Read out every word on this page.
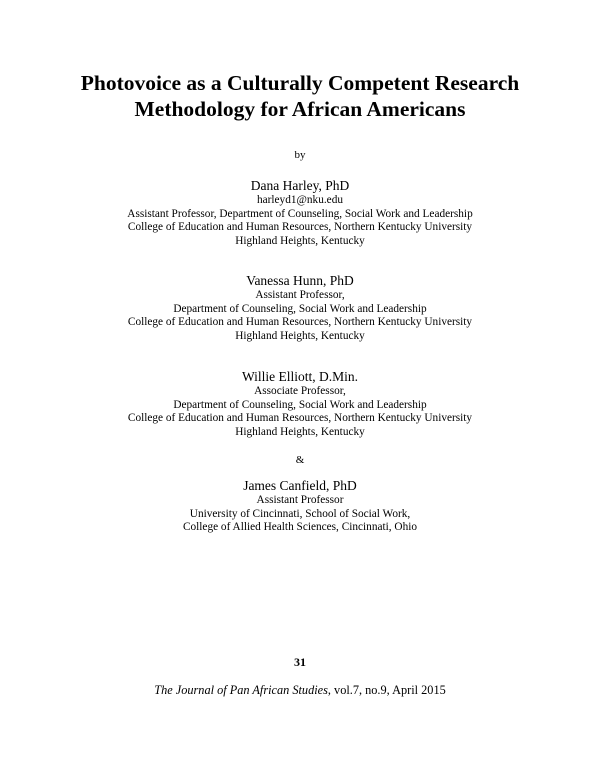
Photovoice as a Culturally Competent Research
Methodology for African Americans
by
Dana Harley, PhD
harleyd1@nku.edu
Assistant Professor, Department of Counseling, Social Work and Leadership
College of Education and Human Resources, Northern Kentucky University
Highland Heights, Kentucky
Vanessa Hunn, PhD
Assistant Professor,
Department of Counseling, Social Work and Leadership
College of Education and Human Resources, Northern Kentucky University
Highland Heights, Kentucky
Willie Elliott, D.Min.
Associate Professor,
Department of Counseling, Social Work and Leadership
College of Education and Human Resources, Northern Kentucky University
Highland Heights, Kentucky
&
James Canfield, PhD
Assistant Professor
University of Cincinnati, School of Social Work,
College of Allied Health Sciences, Cincinnati, Ohio
31
The Journal of Pan African Studies, vol.7, no.9, April 2015
